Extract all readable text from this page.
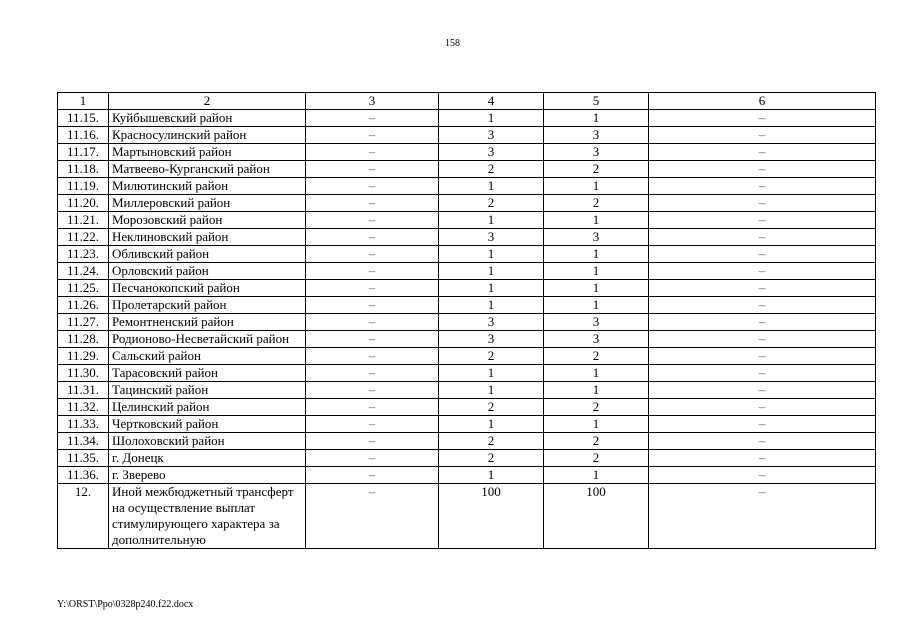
158
1	2	3	4	5	6
11.15.	Куйбышевский район	–	1	1	–
11.16.	Красносулинский район	–	3	3	–
11.17.	Мартыновский район	–	3	3	–
11.18.	Матвеево-Курганский район	–	2	2	–
11.19.	Милютинский район	–	1	1	–
11.20.	Миллеровский район	–	2	2	–
11.21.	Морозовский район	–	1	1	–
11.22.	Неклиновский район	–	3	3	–
11.23.	Обливский район	–	1	1	–
11.24.	Орловский район	–	1	1	–
11.25.	Песчанокопский район	–	1	1	–
11.26.	Пролетарский район	–	1	1	–
11.27.	Ремонтненский район	–	3	3	–
11.28.	Родионово-Несветайский район	–	3	3	–
11.29.	Сальский район	–	2	2	–
11.30.	Тарасовский район	–	1	1	–
11.31.	Тацинский район	–	1	1	–
11.32.	Целинский район	–	2	2	–
11.33.	Чертковский район	–	1	1	–
11.34.	Шолоховский район	–	2	2	–
11.35.	г. Донецк	–	2	2	–
11.36.	г. Зверево	–	1	1	–
12.	Иной межбюджетный трансферт на осуществление выплат стимулирующего характера за дополнительную	–	100	100	–
Y:\ORST\Ppo\0328p240.f22.docx
